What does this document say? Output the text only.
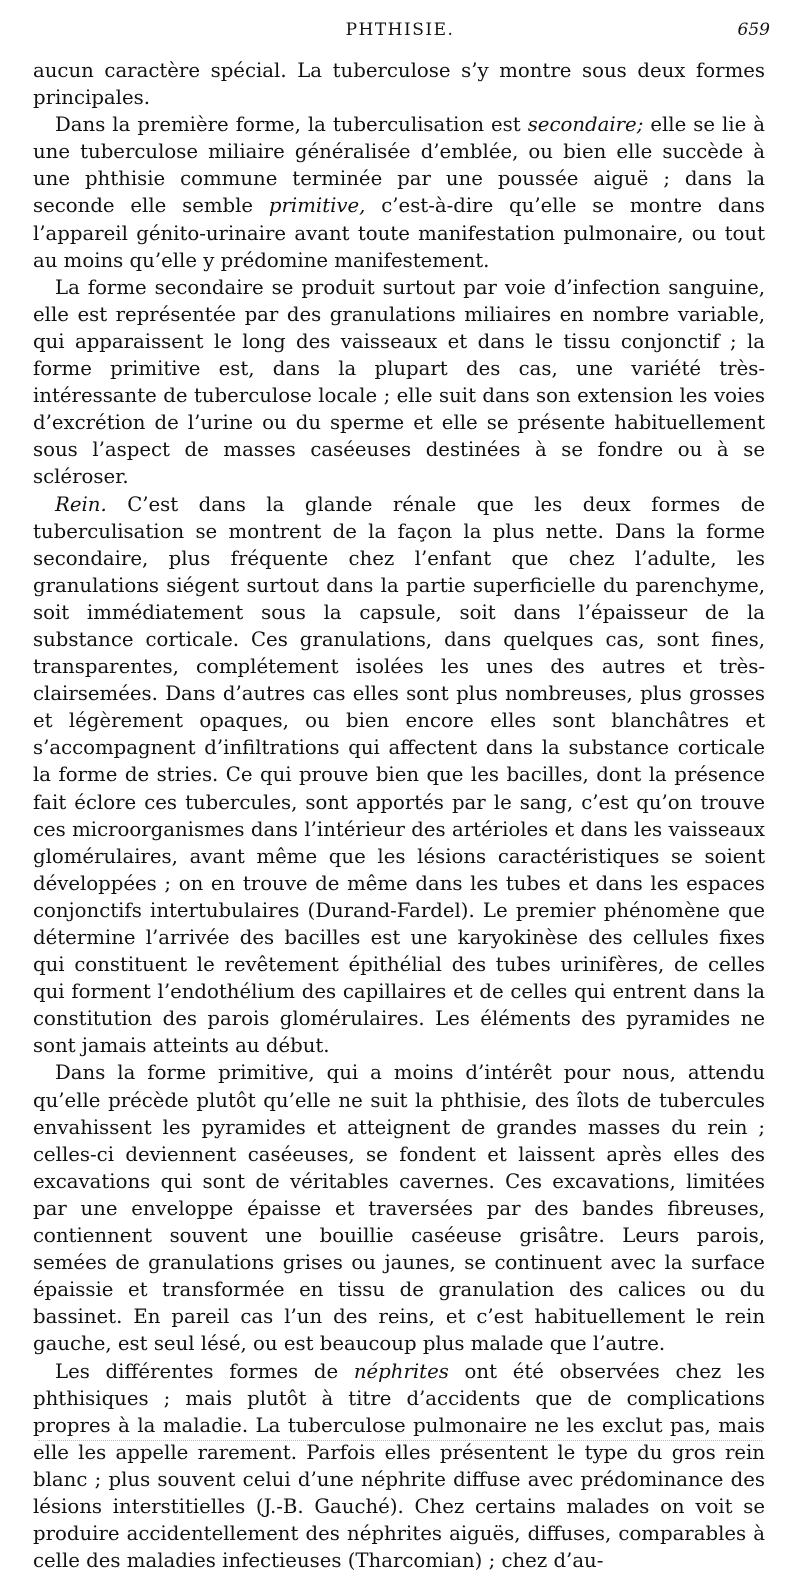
PHTHISIE.	659

aucun caractère spécial. La tuberculose s’y montre sous deux formes principales.

Dans la première forme, la tuberculisation est secondaire; elle se lie à une tuberculose miliaire généralisée d’emblée, ou bien elle succède à une phthisie commune terminée par une poussée aiguë ; dans la seconde elle semble primitive, c’est-à-dire qu’elle se montre dans l’appareil génito-urinaire avant toute manifestation pulmonaire, ou tout au moins qu’elle y prédomine manifestement.

La forme secondaire se produit surtout par voie d’infection sanguine, elle est représentée par des granulations miliaires en nombre variable, qui apparaissent le long des vaisseaux et dans le tissu conjonctif ; la forme primitive est, dans la plupart des cas, une variété très-intéressante de tuberculose locale ; elle suit dans son extension les voies d’excrétion de l’urine ou du sperme et elle se présente habituellement sous l’aspect de masses caséeuses destinées à se fondre ou à se scléroser.

Rein. C’est dans la glande rénale que les deux formes de tuberculisation se montrent de la façon la plus nette. Dans la forme secondaire, plus fréquente chez l’enfant que chez l’adulte, les granulations siégent surtout dans la partie superficielle du parenchyme, soit immédiatement sous la capsule, soit dans l’épaisseur de la substance corticale. Ces granulations, dans quelques cas, sont fines, transparentes, complétement isolées les unes des autres et très-clairsemées. Dans d’autres cas elles sont plus nombreuses, plus grosses et légèrement opaques, ou bien encore elles sont blanchâtres et s’accompagnent d’infiltrations qui affectent dans la substance corticale la forme de stries. Ce qui prouve bien que les bacilles, dont la présence fait éclore ces tubercules, sont apportés par le sang, c’est qu’on trouve ces microorganismes dans l’intérieur des artérioles et dans les vaisseaux glomérulaires, avant même que les lésions caractéristiques se soient développées ; on en trouve de même dans les tubes et dans les espaces conjonctifs intertubulaires (Durand-Fardel). Le premier phénomène que détermine l’arrivée des bacilles est une karyokinèse des cellules fixes qui constituent le revêtement épithélial des tubes urinifères, de celles qui forment l’endothélium des capillaires et de celles qui entrent dans la constitution des parois glomérulaires. Les éléments des pyramides ne sont jamais atteints au début.

Dans la forme primitive, qui a moins d’intérêt pour nous, attendu qu’elle précède plutôt qu’elle ne suit la phthisie, des îlots de tubercules envahissent les pyramides et atteignent de grandes masses du rein ; celles-ci deviennent caséeuses, se fondent et laissent après elles des excavations qui sont de véritables cavernes. Ces excavations, limitées par une enveloppe épaisse et traversées par des bandes fibreuses, contiennent souvent une bouillie caséeuse grisâtre. Leurs parois, semées de granulations grises ou jaunes, se continuent avec la surface épaissie et transformée en tissu de granulation des calices ou du bassinet. En pareil cas l’un des reins, et c’est habituellement le rein gauche, est seul lésé, ou est beaucoup plus malade que l’autre.

Les différentes formes de néphrites ont été observées chez les phthisiques ; mais plutôt à titre d’accidents que de complications propres à la maladie. La tuberculose pulmonaire ne les exclut pas, mais elle les appelle rarement. Parfois elles présentent le type du gros rein blanc ; plus souvent celui d’une néphrite diffuse avec prédominance des lésions interstitielles (J.-B. Gauché). Chez certains malades on voit se produire accidentellement des néphrites aiguës, diffuses, comparables à celle des maladies infectieuses (Tharcomian) ; chez d’au-
